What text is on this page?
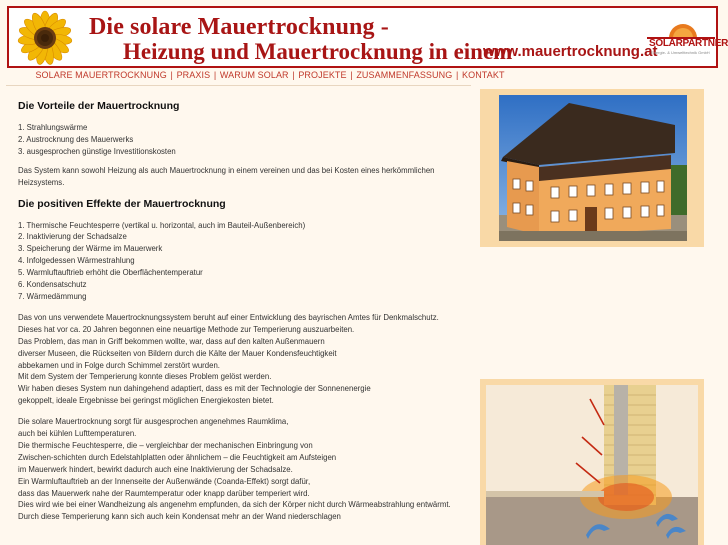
Die solare Mauertrocknung -
Heizung und Mauertrocknung in einem
www.mauertrocknung.at
SOLARPARTNER
Energie- & Umwelttechnik GmbH
SOLARE MAUERTROCKNUNG | PRAXIS | WARUM SOLAR | PROJEKTE | ZUSAMMENFASSUNG | KONTAKT
Die Vorteile der Mauertrocknung
1. Strahlungswärme
2. Austrocknung des Mauerwerks
3. ausgesprochen günstige Investitionskosten

Das System kann sowohl Heizung als auch Mauertrocknung in einem vereinen und das bei Kosten eines herkömmlichen
Heizsystems.

Die positiven Effekte der Mauertrocknung
1. Thermische Feuchtesperre (vertikal u. horizontal, auch im Bauteil-Außenbereich)
2. Inaktivierung der Schadsalze
3. Speicherung der Wärme im Mauerwerk
4. Infolgedessen Wärmestrahlung
5. Warmluftauftrieb erhöht die Oberflächentemperatur
6. Kondensatschutz
7. Wärmedämmung

Das von uns verwendete Mauertrocknungssystem beruht auf einer Entwicklung des bayrischen Amtes für Denkmalschutz.
Dieses hat vor ca. 20 Jahren begonnen eine neuartige Methode zur Temperierung auszuarbeiten.
Das Problem, das man in Griff bekommen wollte, war, dass auf den kalten Außenmauern
diverser Museen, die Rückseiten von Bildern durch die Kälte der Mauer Kondensfeuchtigkeit
abbekamen und in Folge durch Schimmel zerstört wurden.
Mit dem System der Temperierung konnte dieses Problem gelöst werden.
Wir haben dieses System nun dahingehend adaptiert, dass es mit der Technologie der Sonnenenergie
gekoppelt, ideale Ergebnisse bei geringst möglichen Energiekosten bietet.

Die solare Mauertrocknung sorgt für ausgesprochen angenehmes Raumklima,
auch bei kühlen Lufttemperaturen.
Die thermische Feuchtesperre, die – vergleichbar der mechanischen Einbringung von
Zwischen-schichten durch Edelstahlplatten oder ähnlichem – die Feuchtigkeit am Aufsteigen
im Mauerwerk hindert, bewirkt dadurch auch eine Inaktivierung der Schadsalze.
Ein Warmluftauftrieb an der Innenseite der Außenwände (Coanda-Effekt) sorgt dafür,
dass das Mauerwerk nahe der Raumtemperatur oder knapp darüber temperiert wird.
Dies wird wie bei einer Wandheizung als angenehm empfunden, da sich der Körper nicht durch Wärmeabstrahlung entwärmt.
Durch diese Temperierung kann sich auch kein Kondensat mehr an der Wand niederschlagen
